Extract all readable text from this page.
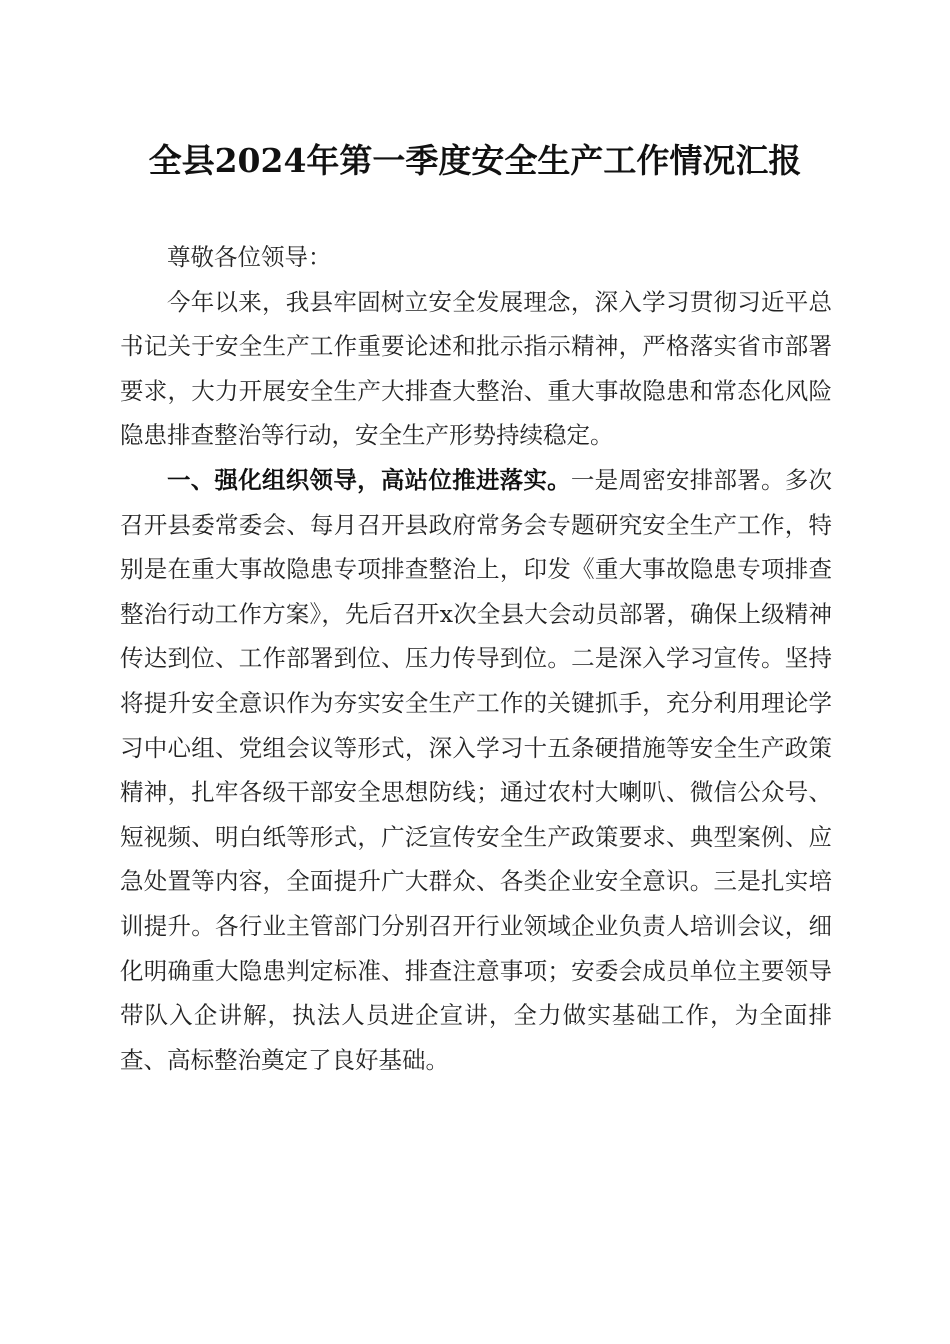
全县2024年第一季度安全生产工作情况汇报

尊敬各位领导：

今年以来，我县牢固树立安全发展理念，深入学习贯彻习近平总书记关于安全生产工作重要论述和批示指示精神，严格落实省市部署要求，大力开展安全生产大排查大整治、重大事故隐患和常态化风险隐患排查整治等行动，安全生产形势持续稳定。

一、强化组织领导，高站位推进落实。一是周密安排部署。多次召开县委常委会、每月召开县政府常务会专题研究安全生产工作，特别是在重大事故隐患专项排查整治上，印发《重大事故隐患专项排查整治行动工作方案》，先后召开x次全县大会动员部署，确保上级精神传达到位、工作部署到位、压力传导到位。二是深入学习宣传。坚持将提升安全意识作为夯实安全生产工作的关键抓手，充分利用理论学习中心组、党组会议等形式，深入学习十五条硬措施等安全生产政策精神，扎牢各级干部安全思想防线；通过农村大喇叭、微信公众号、短视频、明白纸等形式，广泛宣传安全生产政策要求、典型案例、应急处置等内容，全面提升广大群众、各类企业安全意识。三是扎实培训提升。各行业主管部门分别召开行业领域企业负责人培训会议，细化明确重大隐患判定标准、排查注意事项；安委会成员单位主要领导带队入企讲解，执法人员进企宣讲，全力做实基础工作，为全面排查、高标整治奠定了良好基础。
